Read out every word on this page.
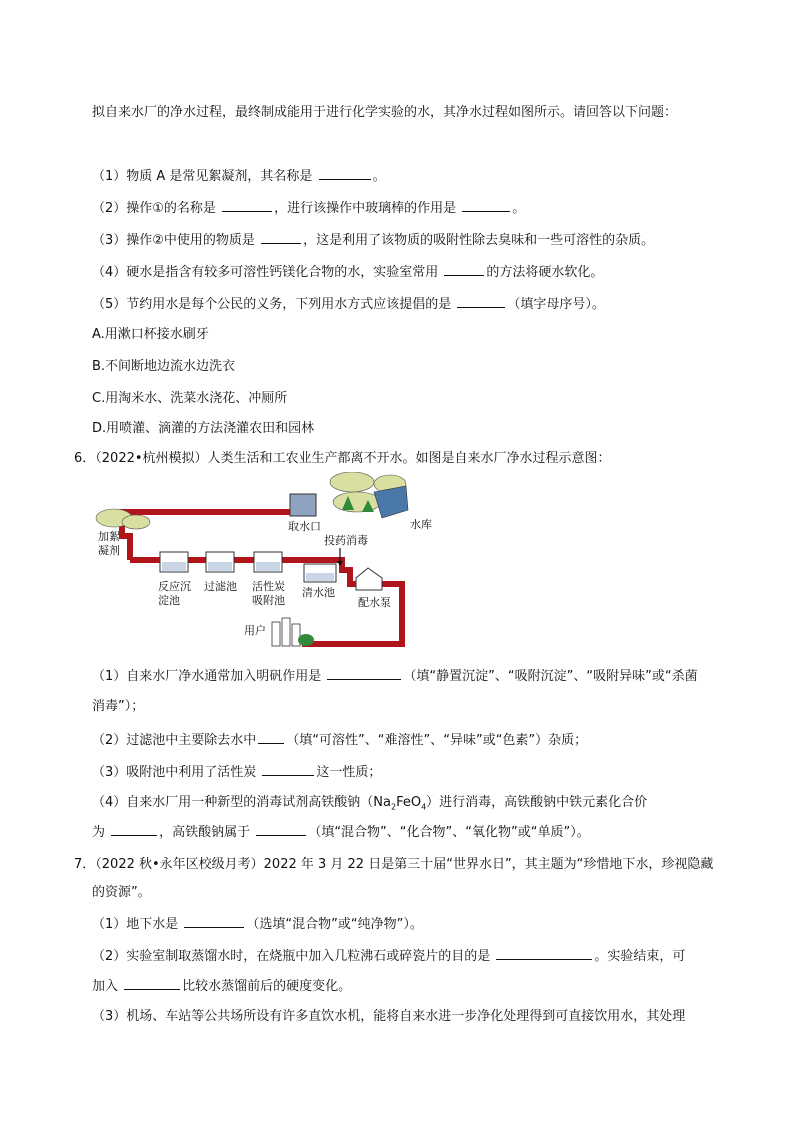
拟自来水厂的净水过程，最终制成能用于进行化学实验的水，其净水过程如图所示。请回答以下问题：
（1）物质 A 是常见絮凝剂，其名称是	。
（2）操作①的名称是	，进行该操作中玻璃棒的作用是	。
（3）操作②中使用的物质是	，这是利用了该物质的吸附性除去臭味和一些可溶性的杂质。
（4）硬水是指含有较多可溶性钙镁化合物的水，实验室常用	的方法将硬水软化。
（5）节约用水是每个公民的义务，下列用水方式应该提倡的是	（填字母序号）。
A.用漱口杯接水刷牙
B.不间断地边流水边洗衣
C.用淘米水、洗菜水浇花、冲厕所
D.用喷灌、滴灌的方法浇灌农田和园林
6．（2022•杭州模拟）人类生活和工农业生产都离不开水。如图是自来水厂净水过程示意图：
取水口	水库
加絮
凝剂
投药消毒
反应沉
淀池
过滤池 活性炭
吸附池
清水池
配水泵
用户
（1）自来水厂净水通常加入明矾作用是	（填“静置沉淀”、“吸附沉淀”、“吸附异味”或“杀菌
消毒”）；
（2）过滤池中主要除去水中 （填“可溶性”、“难溶性”、“异味”或“色素”）杂质；
（3）吸附池中利用了活性炭	这一性质；
（4）自来水厂用一种新型的消毒试剂高铁酸钠$(Na_2FeO_4)$进行消毒，高铁酸钠中铁元素化合价
为	，高铁酸钠属于	（填“混合物”、“化合物”、“氧化物”或“单质”）。
7．（2022 秋•永年区校级月考）2022 年 3 月 22 日是第三十届“世界水日”，其主题为“珍惜地下水，珍视隐藏
的资源”。
（1）地下水是	（选填“混合物”或“纯净物”）。
（2）实验室制取蒸馏水时，在烧瓶中加入几粒沸石或碎瓷片的目的是	。实验结束，可
加入	比较水蒸馏前后的硬度变化。
（3）机场、车站等公共场所设有许多直饮水机，能将自来水进一步净化处理得到可直接饮用水，其处理
